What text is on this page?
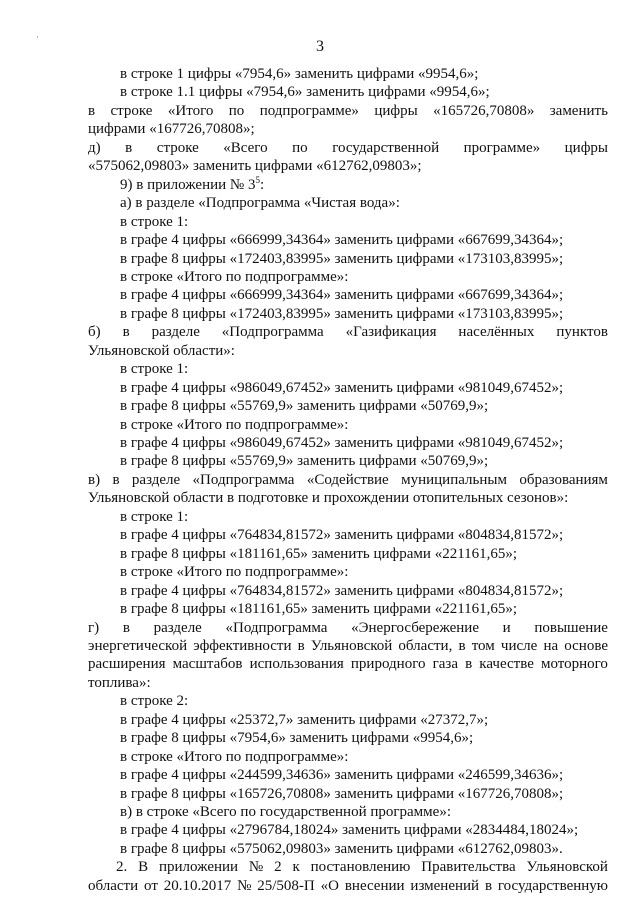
·
3
в строке 1 цифры «7954,6» заменить цифрами «9954,6»;
в строке 1.1 цифры «7954,6» заменить цифрами «9954,6»;
в строке «Итого по подпрограмме» цифры «165726,70808» заменить
цифрами «167726,70808»;
д) в строке «Всего по государственной программе» цифры
«575062,09803» заменить цифрами «612762,09803»;
9) в приложении № $3^5$:
а) в разделе «Подпрограмма «Чистая вода»:
в строке 1:
в графе 4 цифры «666999,34364» заменить цифрами «667699,34364»;
в графе 8 цифры «172403,83995» заменить цифрами «173103,83995»;
в строке «Итого по подпрограмме»:
в графе 4 цифры «666999,34364» заменить цифрами «667699,34364»;
в графе 8 цифры «172403,83995» заменить цифрами «173103,83995»;
б) в разделе «Подпрограмма «Газификация населённых пунктов
Ульяновской области»:
в строке 1:
в графе 4 цифры «986049,67452» заменить цифрами «981049,67452»;
в графе 8 цифры «55769,9» заменить цифрами «50769,9»;
в строке «Итого по подпрограмме»:
в графе 4 цифры «986049,67452» заменить цифрами «981049,67452»;
в графе 8 цифры «55769,9» заменить цифрами «50769,9»;
в) в разделе «Подпрограмма «Содействие муниципальным образованиям
Ульяновской области в подготовке и прохождении отопительных сезонов»:
в строке 1:
в графе 4 цифры «764834,81572» заменить цифрами «804834,81572»;
в графе 8 цифры «181161,65» заменить цифрами «221161,65»;
в строке «Итого по подпрограмме»:
в графе 4 цифры «764834,81572» заменить цифрами «804834,81572»;
в графе 8 цифры «181161,65» заменить цифрами «221161,65»;
г) в разделе «Подпрограмма «Энергосбережение и повышение
энергетической эффективности в Ульяновской области, в том числе на основе
расширения масштабов использования природного газа в качестве моторного
топлива»:
в строке 2:
в графе 4 цифры «25372,7» заменить цифрами «27372,7»;
в графе 8 цифры «7954,6» заменить цифрами «9954,6»;
в строке «Итого по подпрограмме»:
в графе 4 цифры «244599,34636» заменить цифрами «246599,34636»;
в графе 8 цифры «165726,70808» заменить цифрами «167726,70808»;
в) в строке «Всего по государственной программе»:
в графе 4 цифры «2796784,18024» заменить цифрами «2834484,18024»;
в графе 8 цифры «575062,09803» заменить цифрами «612762,09803».
2. В приложении № 2 к постановлению Правительства Ульяновской
области от 20.10.2017 № 25/508-П «О внесении изменений в государственную
